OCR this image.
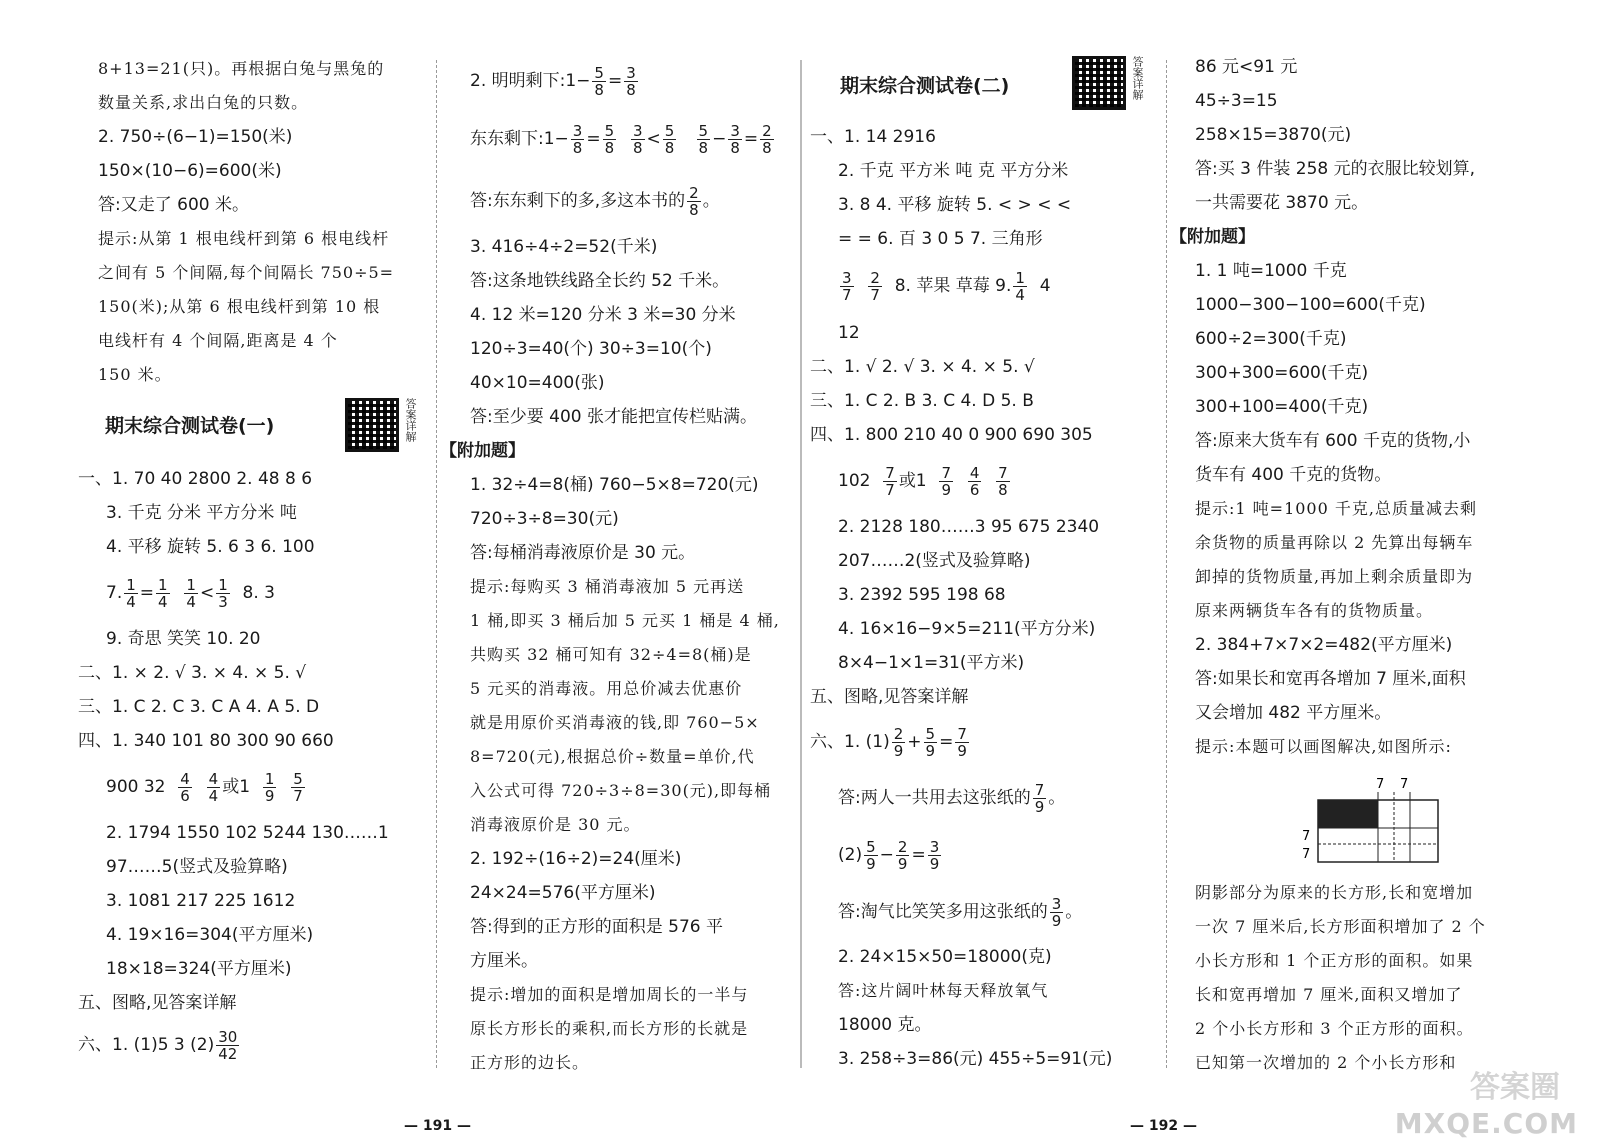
8+13=21(只)。再根据白兔与黑兔的
数量关系,求出白兔的只数。
2. 750÷(6−1)=150(米)
150×(10−6)=600(米)
答:又走了 600 米。
提示:从第 1 根电线杆到第 6 根电线杆
之间有 5 个间隔,每个间隔长 750÷5=
150(米);从第 6 根电线杆到第 10 根
电线杆有 4 个间隔,距离是 4 个
150 米。
期末综合测试卷(一)	答案详解
一、1. 70 40 2800 2. 48 8 6
3. 千克 分米 平方分米 吨
4. 平移 旋转 5. 6 3 6. 100
7. $\frac{1}{4} = \frac{1}{4}$
$\frac{1}{4} < \frac{1}{3} 8$. 3
9. 奇思 笑笑 10. 20
二、1. × 2. √ 3. × 4. × 5. √
三、1. C 2. C 3. C A 4. A 5. D
四、1. 340 101 80 300 90 660
900 $32 \frac{4}{6}$
$\frac{4}{4}$ 或$1 \frac{1}{9}$
$\frac{5}{7}$
2. 1794 1550 102 5244 130……1
97……5(竖式及验算略)
3. 1081 217 225 1612
4. 19×16=304(平方厘米)
18×18=324(平方厘米)
五、图略,见答案详解
六、1. (1)5 3 $(2) \frac{30}{42}$
2. 明明剩下:1− $\frac{5}{8} = \frac{3}{8}$
东东剩下:1− $\frac{3}{8} = \frac{5}{8}$
$\frac{3}{8} < \frac{5}{8}$
$\frac{5}{8} - \frac{3}{8} = \frac{2}{8}$
答:东东剩下的多,多这本书的 $\frac{2}{8}$ 。
3. 416÷4÷2=52(千米)
答:这条地铁线路全长约 52 千米。
4. 12 米=120 分米 3 米=30 分米
120÷3=40(个) 30÷3=10(个)
40×10=400(张)
答:至少要 400 张才能把宣传栏贴满。
【附加题】
1. 32÷4=8(桶) 760−5×8=720(元)
720÷3÷8=30(元)
答:每桶消毒液原价是 30 元。
提示:每购买 3 桶消毒液加 5 元再送
1 桶,即买 3 桶后加 5 元买 1 桶是 4 桶,
共购买 32 桶可知有 32÷4=8(桶)是
5 元买的消毒液。用总价减去优惠价
就是用原价买消毒液的钱,即 760−5×
8=720(元),根据总价÷数量=单价,代
入公式可得 720÷3÷8=30(元),即每桶
消毒液原价是 30 元。
2. 192÷(16÷2)=24(厘米)
24×24=576(平方厘米)
答:得到的正方形的面积是 576 平
方厘米。
提示:增加的面积是增加周长的一半与
原长方形长的乘积,而长方形的长就是
正方形的边长。
期末综合测试卷(二)	答案详解
一、1. 14 2916
2. 千克 平方米 吨 克 平方分米
3. 8 4. 平移 旋转 5. < > < <
= = 6. 百 3 0 5 7. 三角形
$\frac{3}{7}$
$\frac{2}{7} 8$. 苹果 草莓 9. $\frac{1}{4} 4$
12
二、1. √ 2. √ 3. × 4. × 5. √
三、1. C 2. B 3. C 4. D 5. B
四、1. 800 210 40 0 900 690 305
$102 \frac{7}{7}$ 或$1 \frac{7}{9}$
$\frac{4}{6}$
$\frac{7}{8}$
2. 2128 180……3 95 675 2340
207……2(竖式及验算略)
3. 2392 595 198 68
4. 16×16−9×5=211(平方分米)
8×4−1×1=31(平方米)
五、图略,见答案详解
六、1. $(1) \frac{2}{9} + \frac{5}{9} = \frac{7}{9}$
答:两人一共用去这张纸的 $\frac{7}{9}$ 。
$(2) \frac{5}{9} - \frac{2}{9} = \frac{3}{9}$
答:淘气比笑笑多用这张纸的 $\frac{3}{9}$ 。
2. 24×15×50=18000(克)
答:这片阔叶林每天释放氧气
18000 克。
3. 258÷3=86(元) 455÷5=91(元)
86 元<91 元
45÷3=15
258×15=3870(元)
答:买 3 件装 258 元的衣服比较划算,
一共需要花 3870 元。
【附加题】
1. 1 吨=1000 千克
1000−300−100=600(千克)
600÷2=300(千克)
300+300=600(千克)
300+100=400(千克)
答:原来大货车有 600 千克的货物,小
货车有 400 千克的货物。
提示:1 吨=1000 千克,总质量减去剩
余货物的质量再除以 2 先算出每辆车
卸掉的货物质量,再加上剩余质量即为
原来两辆货车各有的货物质量。
2. 384+7×7×2=482(平方厘米)
答:如果长和宽再各增加 7 厘米,面积
又会增加 482 平方厘米。
提示:本题可以画图解决,如图所示:
7 7
7
7
阴影部分为原来的长方形,长和宽增加
一次 7 厘米后,长方形面积增加了 2 个
小长方形和 1 个正方形的面积。如果
长和宽再增加 7 厘米,面积又增加了
2 个小长方形和 3 个正方形的面积。
已知第一次增加的 2 个小长方形和
— 191 —	— 192 —
答案圈
MXQE.COM
